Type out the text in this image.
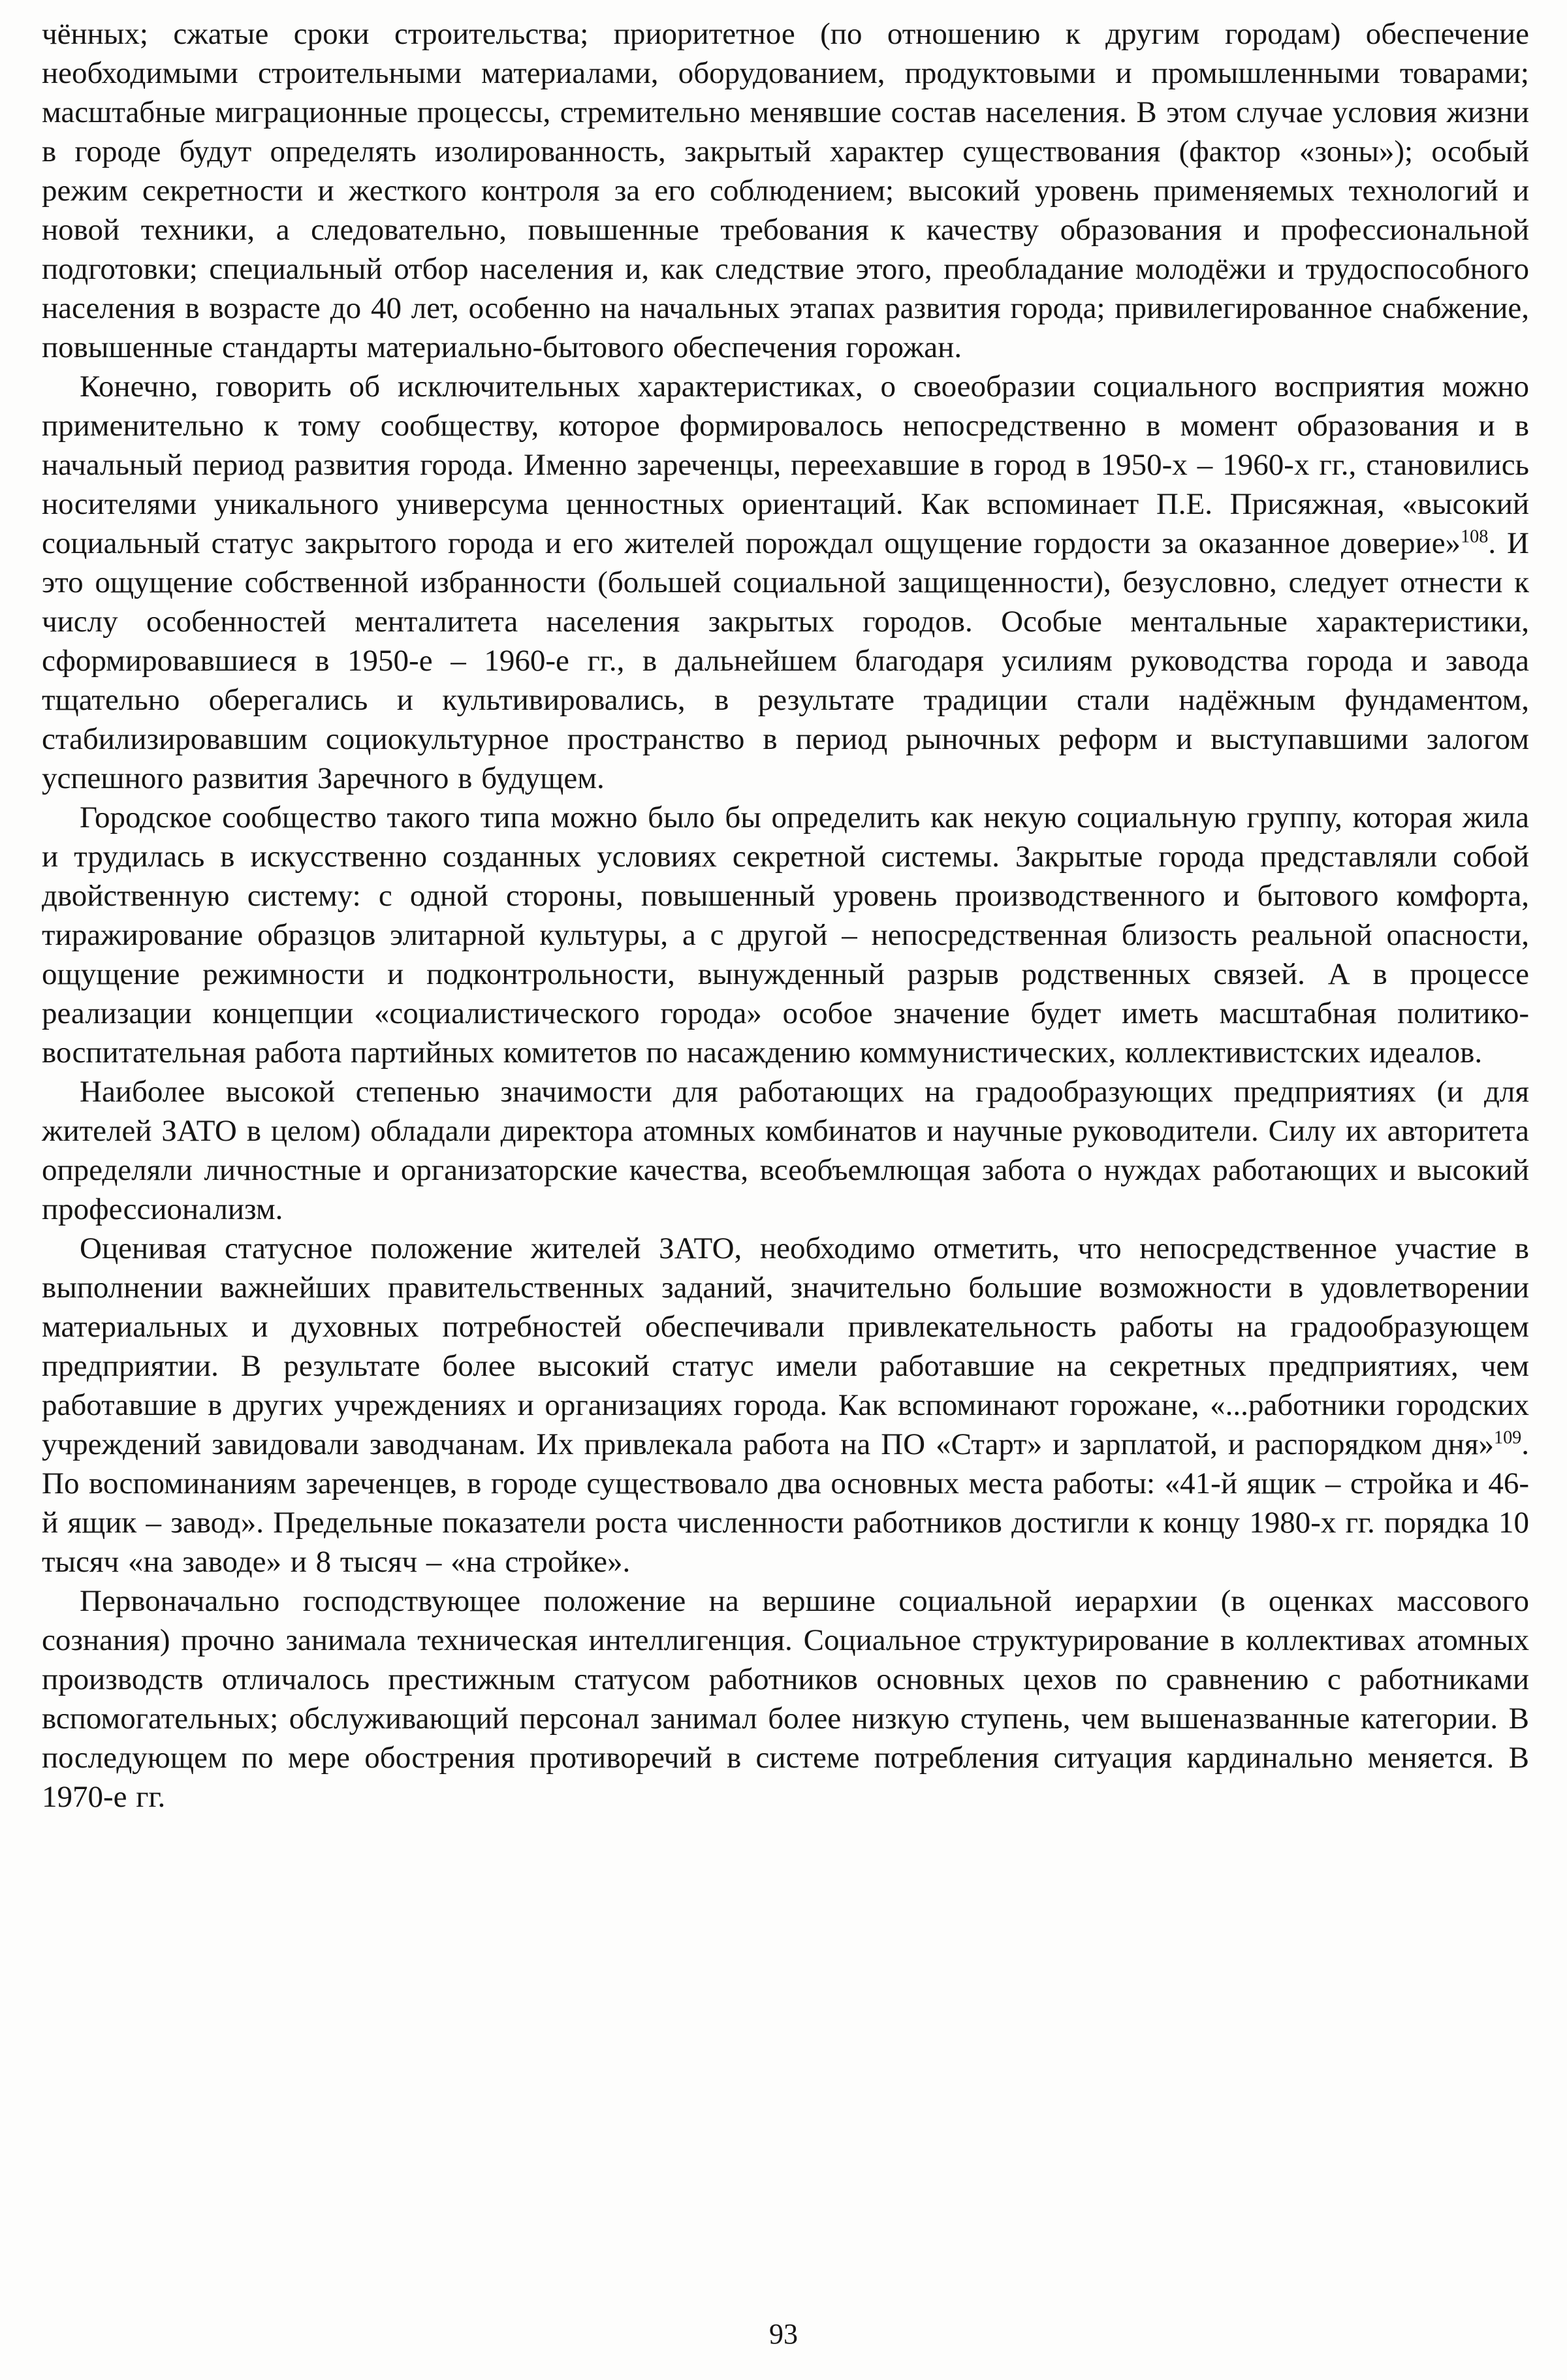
чённых; сжатые сроки строительства; приоритетное (по отношению к другим городам) обеспечение необходимыми строительными материалами, оборудованием, продуктовыми и промышленными товарами; масштабные миграционные процессы, стремительно менявшие состав населения. В этом случае условия жизни в городе будут определять изолированность, закрытый характер существования (фактор «зоны»); особый режим секретности и жесткого контроля за его соблюдением; высокий уровень применяемых технологий и новой техники, а следовательно, повышенные требования к качеству образования и профессиональной подготовки; специальный отбор населения и, как следствие этого, преобладание молодёжи и трудоспособного населения в возрасте до 40 лет, особенно на начальных этапах развития города; привилегированное снабжение, повышенные стандарты материально-бытового обеспечения горожан.

Конечно, говорить об исключительных характеристиках, о своеобразии социального восприятия можно применительно к тому сообществу, которое формировалось непосредственно в момент образования и в начальный период развития города. Именно зареченцы, переехавшие в город в 1950-х – 1960-х гг., становились носителями уникального универсума ценностных ориентаций. Как вспоминает П.Е. Присяжная, «высокий социальный статус закрытого города и его жителей порождал ощущение гордости за оказанное доверие»$^{108}$. И это ощущение собственной избранности (большей социальной защищенности), безусловно, следует отнести к числу особенностей менталитета населения закрытых городов. Особые ментальные характеристики, сформировавшиеся в 1950-е – 1960-е гг., в дальнейшем благодаря усилиям руководства города и завода тщательно оберегались и культивировались, в результате традиции стали надёжным фундаментом, стабилизировавшим социокультурное пространство в период рыночных реформ и выступавшими залогом успешного развития Заречного в будущем.

Городское сообщество такого типа можно было бы определить как некую социальную группу, которая жила и трудилась в искусственно созданных условиях секретной системы. Закрытые города представляли собой двойственную систему: с одной стороны, повышенный уровень производственного и бытового комфорта, тиражирование образцов элитарной культуры, а с другой – непосредственная близость реальной опасности, ощущение режимности и подконтрольности, вынужденный разрыв родственных связей. А в процессе реализации концепции «социалистического города» особое значение будет иметь масштабная политико-воспитательная работа партийных комитетов по насаждению коммунистических, коллективистских идеалов.

Наиболее высокой степенью значимости для работающих на градообразующих предприятиях (и для жителей ЗАТО в целом) обладали директора атомных комбинатов и научные руководители. Силу их авторитета определяли личностные и организаторские качества, всеобъемлющая забота о нуждах работающих и высокий профессионализм.

Оценивая статусное положение жителей ЗАТО, необходимо отметить, что непосредственное участие в выполнении важнейших правительственных заданий, значительно большие возможности в удовлетворении материальных и духовных потребностей обеспечивали привлекательность работы на градообразующем предприятии. В результате более высокий статус имели работавшие на секретных предприятиях, чем работавшие в других учреждениях и организациях города. Как вспоминают горожане, «...работники городских учреждений завидовали заводчанам. Их привлекала работа на ПО «Старт» и зарплатой, и распорядком дня»$^{109}$. По воспоминаниям зареченцев, в городе существовало два основных места работы: «41-й ящик – стройка и 46-й ящик – завод». Предельные показатели роста численности работников достигли к концу 1980-х гг. порядка 10 тысяч «на заводе» и 8 тысяч – «на стройке».

Первоначально господствующее положение на вершине социальной иерархии (в оценках массового сознания) прочно занимала техническая интеллигенция. Социальное структурирование в коллективах атомных производств отличалось престижным статусом работников основных цехов по сравнению с работниками вспомогательных; обслуживающий персонал занимал более низкую ступень, чем вышеназванные категории. В последующем по мере обострения противоречий в системе потребления ситуация кардинально меняется. В 1970-е гг.

93
